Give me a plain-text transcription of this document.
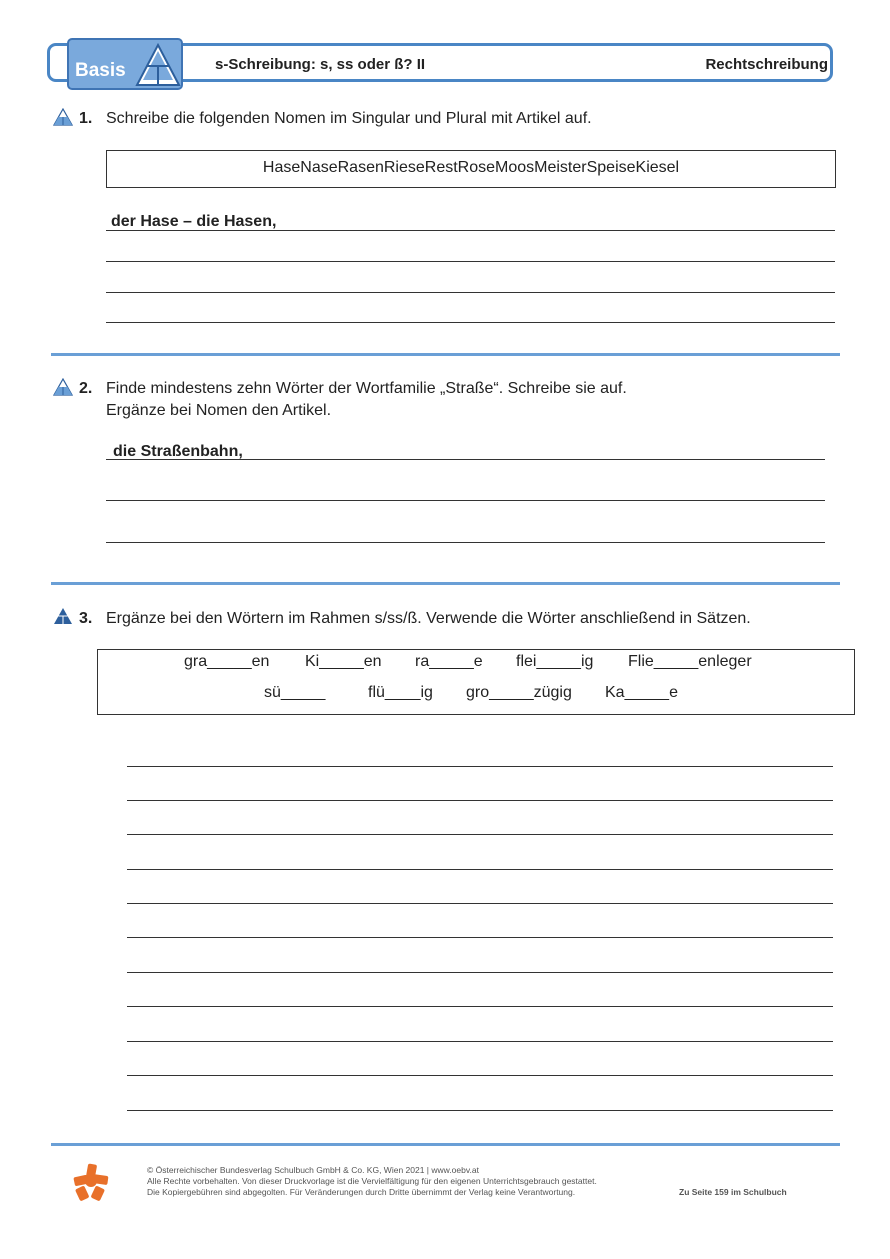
Basis	s-Schreibung: s, ss oder ß? II	Rechtschreibung
1. Schreibe die folgenden Nomen im Singular und Plural mit Artikel auf.
HaseNaseRasenRieseRestRoseMoosMeisterSpeiseKiesel
der Hase – die Hasen,
2. Finde mindestens zehn Wörter der Wortfamilie „Straße“. Schreibe sie auf.
Ergänze bei Nomen den Artikel.
die Straßenbahn,
3. Ergänze bei den Wörtern im Rahmen s/ss/ß. Verwende die Wörter anschließend in Sätzen.
gra_____en Ki_____en ra_____e flei_____ig Flie_____enleger
sü_____	flü____ig gro_____zügig Ka_____e
© Österreichischer Bundesverlag Schulbuch GmbH & Co. KG, Wien 2021 | www.oebv.at
Alle Rechte vorbehalten. Von dieser Druckvorlage ist die Vervielfältigung für den eigenen Unterrichtsgebrauch gestattet.
Die Kopiergebühren sind abgegolten. Für Veränderungen durch Dritte übernimmt der Verlag keine Verantwortung.	Zu Seite 159 im Schulbuch
